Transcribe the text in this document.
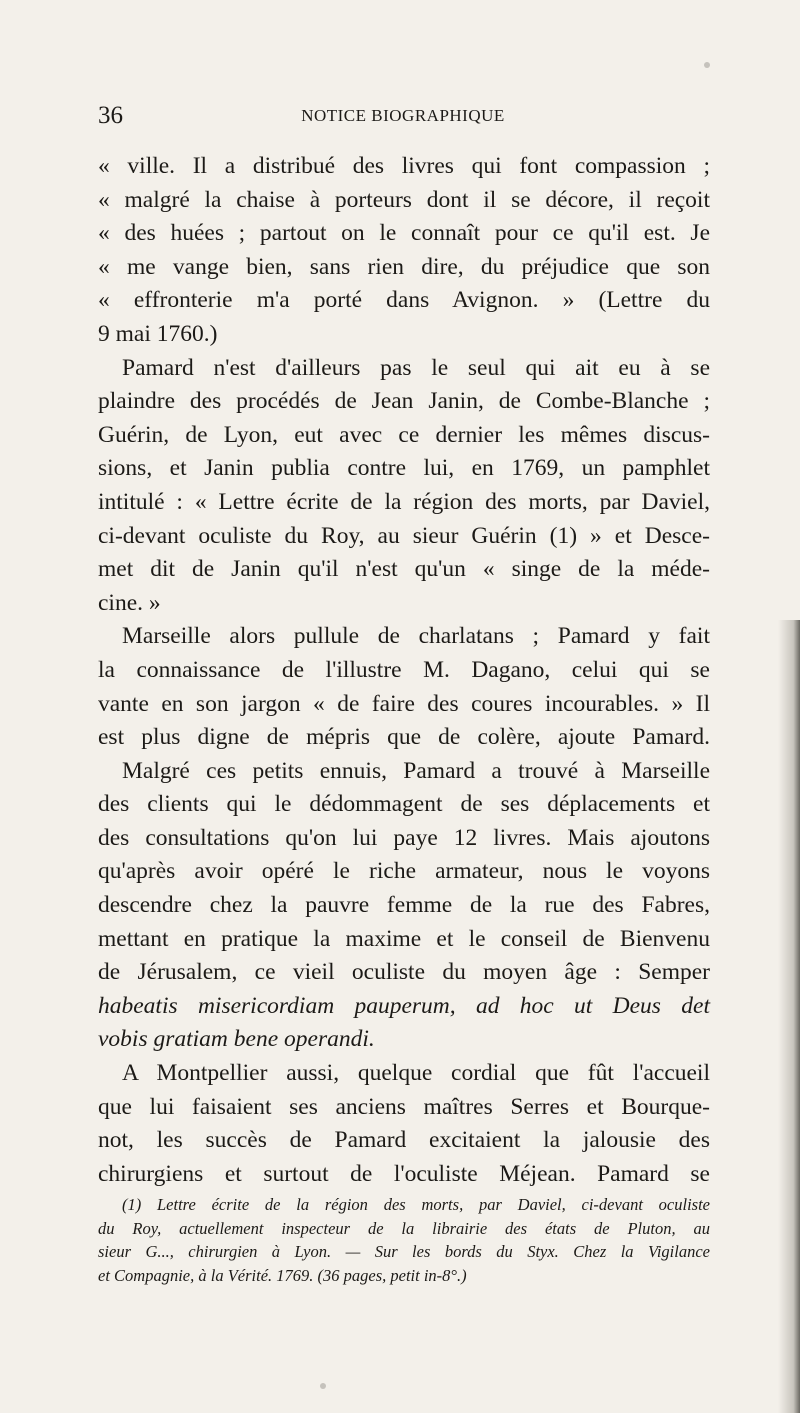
36	NOTICE BIOGRAPHIQUE
« ville. Il a distribué des livres qui font compassion ;
« malgré la chaise à porteurs dont il se décore, il reçoit
« des huées ; partout on le connaît pour ce qu'il est. Je
« me vange bien, sans rien dire, du préjudice que son
« effronterie m'a porté dans Avignon. » (Lettre du
9 mai 1760.)
Pamard n'est d'ailleurs pas le seul qui ait eu à se
plaindre des procédés de Jean Janin, de Combe-Blanche ;
Guérin, de Lyon, eut avec ce dernier les mêmes discus-
sions, et Janin publia contre lui, en 1769, un pamphlet
intitulé : « Lettre écrite de la région des morts, par Daviel,
ci-devant oculiste du Roy, au sieur Guérin (1) » et Desce-
met dit de Janin qu'il n'est qu'un « singe de la méde-
cine. »
Marseille alors pullule de charlatans ; Pamard y fait
la connaissance de l'illustre M. Dagano, celui qui se
vante en son jargon « de faire des coures incourables. » Il
est plus digne de mépris que de colère, ajoute Pamard.
Malgré ces petits ennuis, Pamard a trouvé à Marseille
des clients qui le dédommagent de ses déplacements et
des consultations qu'on lui paye 12 livres. Mais ajoutons
qu'après avoir opéré le riche armateur, nous le voyons
descendre chez la pauvre femme de la rue des Fabres,
mettant en pratique la maxime et le conseil de Bienvenu
de Jérusalem, ce vieil oculiste du moyen âge : Semper
habeatis misericordiam pauperum, ad hoc ut Deus det
vobis gratiam bene operandi.
A Montpellier aussi, quelque cordial que fût l'accueil
que lui faisaient ses anciens maîtres Serres et Bourque-
not, les succès de Pamard excitaient la jalousie des
chirurgiens et surtout de l'oculiste Méjean. Pamard se
(1) Lettre écrite de la région des morts, par Daviel, ci-devant oculiste
du Roy, actuellement inspecteur de la librairie des états de Pluton, au
sieur G..., chirurgien à Lyon. — Sur les bords du Styx. Chez la Vigilance
et Compagnie, à la Vérité. 1769. (36 pages, petit in-8°.)
